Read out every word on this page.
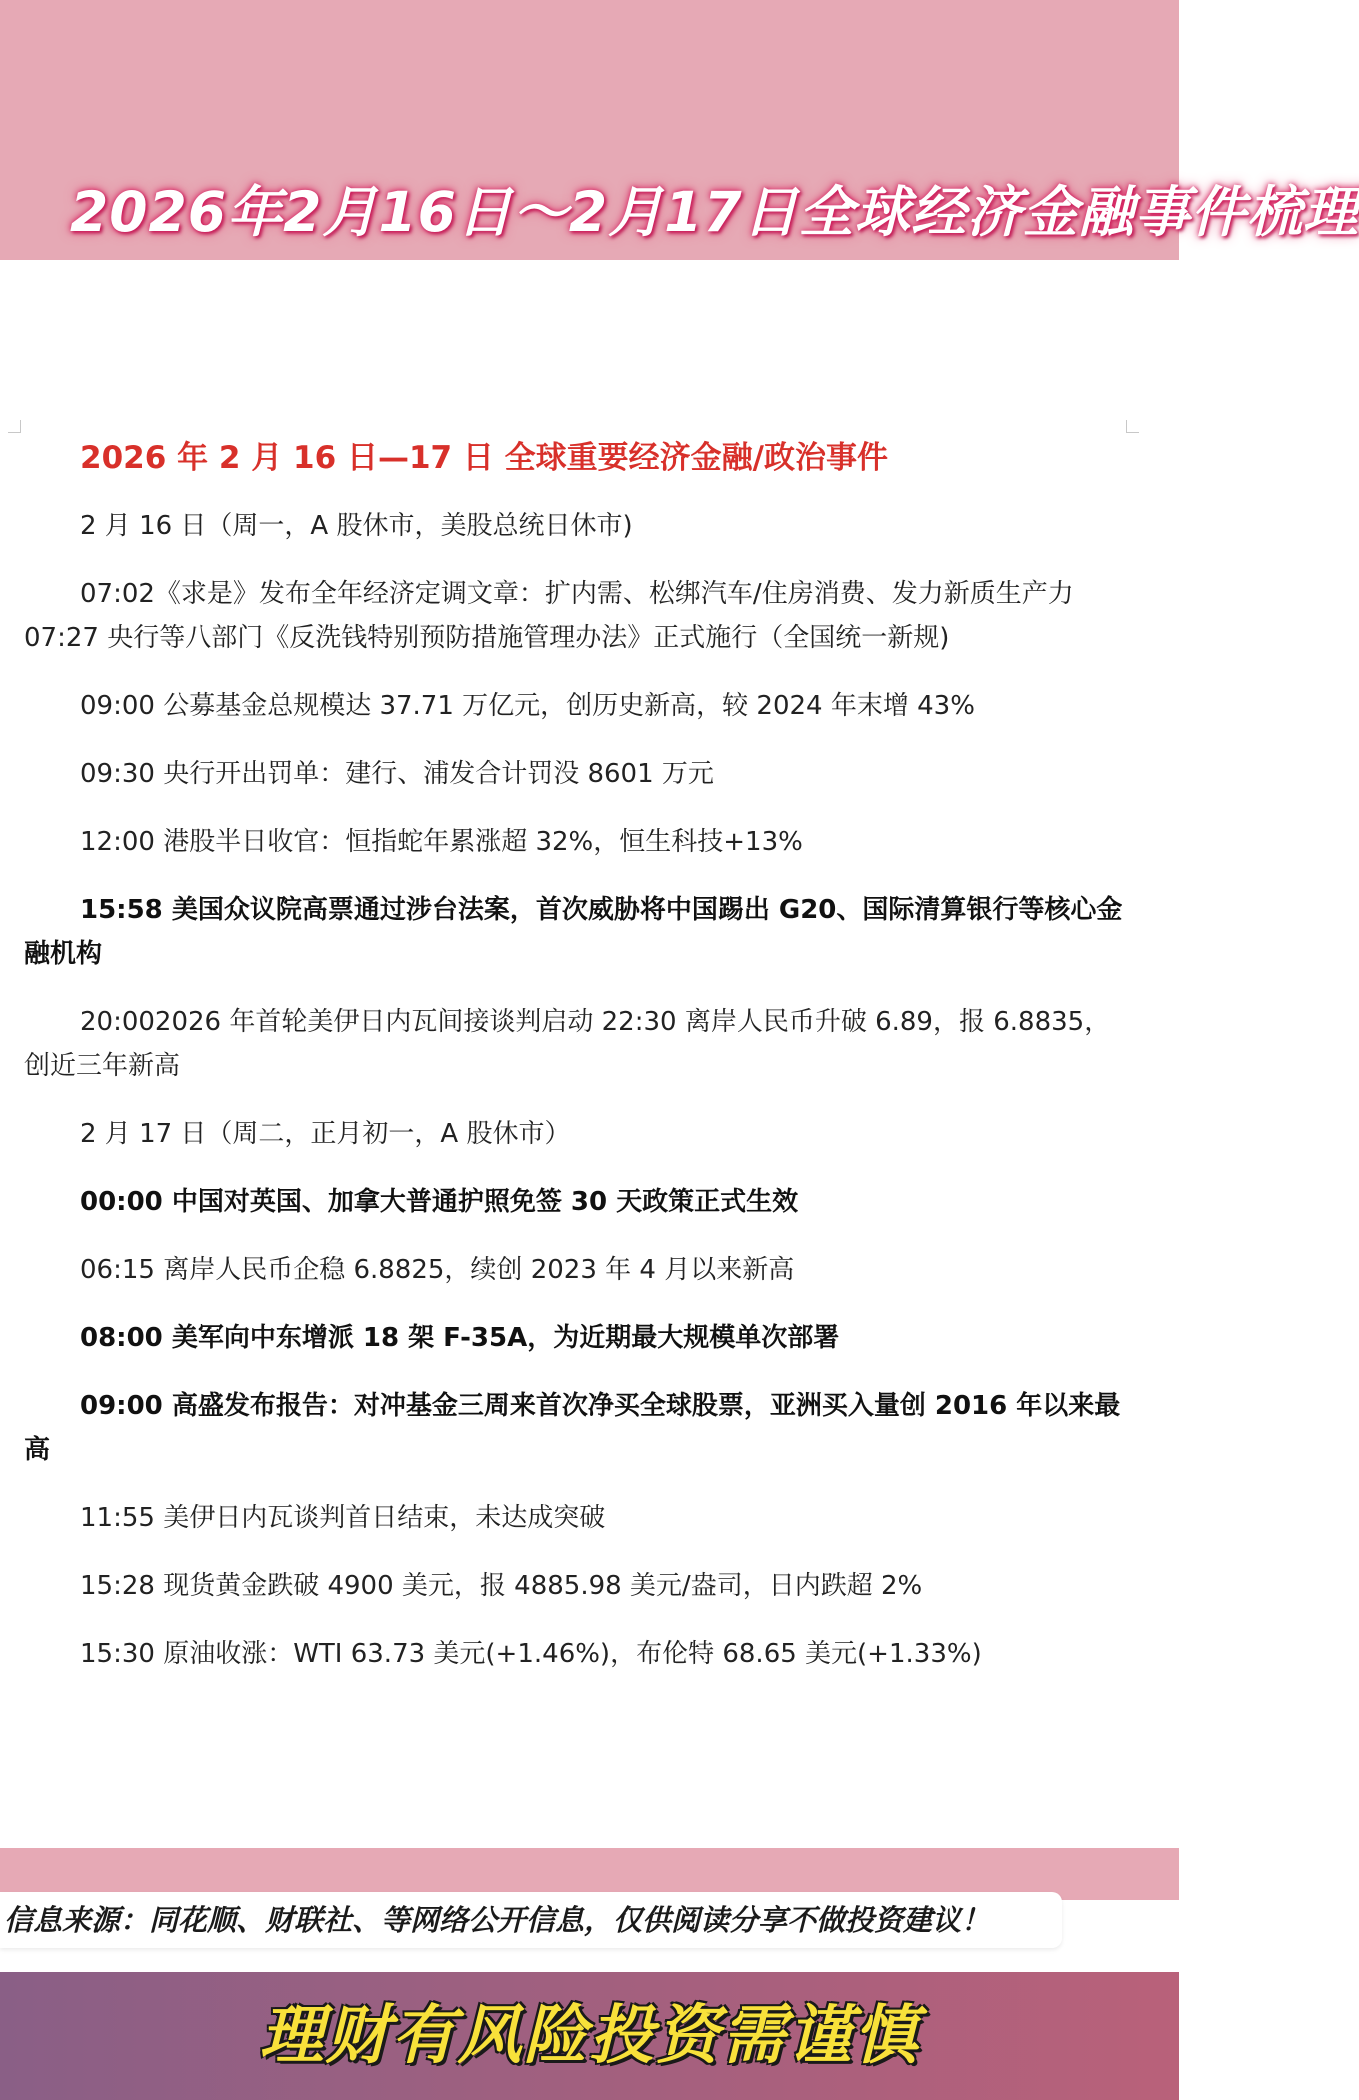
2026年2月16日～2月17日全球经济金融事件梳理
2026 年 2 月 16 日—17 日 全球重要经济金融/政治事件

2 月 16 日（周一，A 股休市，美股总统日休市)

07:02《求是》发布全年经济定调文章：扩内需、松绑汽车/住房消费、发力新质生产力 07:27 央行等八部门《反洗钱特别预防措施管理办法》正式施行（全国统一新规)

09:00 公募基金总规模达 37.71 万亿元，创历史新高，较 2024 年末增 43%

09:30 央行开出罚单：建行、浦发合计罚没 8601 万元

12:00 港股半日收官：恒指蛇年累涨超 32%，恒生科技+13%

15:58 美国众议院高票通过涉台法案，首次威胁将中国踢出 G20、国际清算银行等核心金融机构

20:002026 年首轮美伊日内瓦间接谈判启动 22:30 离岸人民币升破 6.89，报 6.8835，创近三年新高

2 月 17 日（周二，正月初一，A 股休市）

00:00 中国对英国、加拿大普通护照免签 30 天政策正式生效

06:15 离岸人民币企稳 6.8825，续创 2023 年 4 月以来新高

08:00 美军向中东增派 18 架 F-35A，为近期最大规模单次部署

09:00 高盛发布报告：对冲基金三周来首次净买全球股票，亚洲买入量创 2016 年以来最高

11:55 美伊日内瓦谈判首日结束，未达成突破

15:28 现货黄金跌破 4900 美元，报 4885.98 美元/盎司，日内跌超 2%

15:30 原油收涨：WTI 63.73 美元(+1.46%)，布伦特 68.65 美元(+1.33%)

信息来源：同花顺、财联社、等网络公开信息，仅供阅读分享不做投资建议！
理财有风险投资需谨慎
